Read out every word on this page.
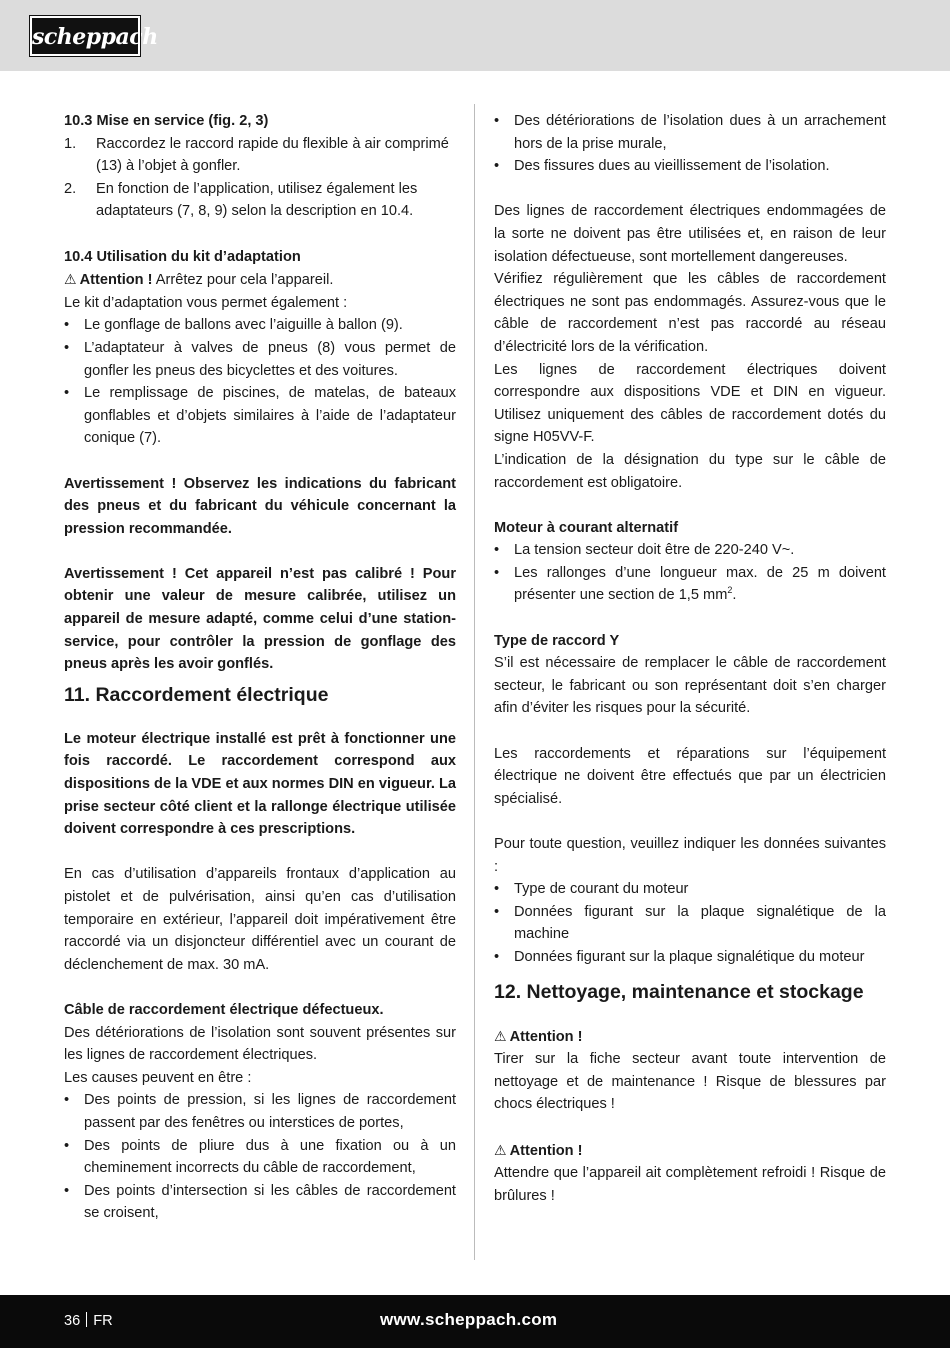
scheppach

10.3 Mise en service (fig. 2, 3)

1.	Raccordez le raccord rapide du flexible à air comprimé (13) à l’objet à gonfler.
2.	En fonction de l’application, utilisez également les adaptateurs (7, 8, 9) selon la description en 10.4.

10.4 Utilisation du kit d’adaptation

⚠ Attention ! Arrêtez pour cela l’appareil.

Le kit d’adaptation vous permet également :

•	Le gonflage de ballons avec l’aiguille à ballon (9).
•	L’adaptateur à valves de pneus (8) vous permet de gonfler les pneus des bicyclettes et des voitures.
•	Le remplissage de piscines, de matelas, de bateaux gonflables et d’objets similaires à l’aide de l’adaptateur conique (7).

Avertissement ! Observez les indications du fabricant des pneus et du fabricant du véhicule concernant la pression recommandée.

Avertissement ! Cet appareil n’est pas calibré ! Pour obtenir une valeur de mesure calibrée, utilisez un appareil de mesure adapté, comme celui d’une station-service, pour contrôler la pression de gonflage des pneus après les avoir gonflés.

11. Raccordement électrique

Le moteur électrique installé est prêt à fonctionner une fois raccordé. Le raccordement correspond aux dispositions de la VDE et aux normes DIN en vigueur. La prise secteur côté client et la rallonge électrique utilisée doivent correspondre à ces prescriptions.

En cas d’utilisation d’appareils frontaux d’application au pistolet et de pulvérisation, ainsi qu’en cas d’utilisation temporaire en extérieur, l’appareil doit impérativement être raccordé via un disjoncteur différentiel avec un courant de déclenchement de max. 30 mA.

Câble de raccordement électrique défectueux.

Des détériorations de l’isolation sont souvent présentes sur les lignes de raccordement électriques.

Les causes peuvent en être :

•	Des points de pression, si les lignes de raccordement passent par des fenêtres ou interstices de portes,
•	Des points de pliure dus à une fixation ou à un cheminement incorrects du câble de raccordement,
•	Des points d’intersection si les câbles de raccordement se croisent,
•	Des détériorations de l’isolation dues à un arrachement hors de la prise murale,
•	Des fissures dues au vieillissement de l’isolation.

Des lignes de raccordement électriques endommagées de la sorte ne doivent pas être utilisées et, en raison de leur isolation défectueuse, sont mortellement dangereuses.

Vérifiez régulièrement que les câbles de raccordement électriques ne sont pas endommagés. Assurez-vous que le câble de raccordement n’est pas raccordé au réseau d’électricité lors de la vérification.

Les lignes de raccordement électriques doivent correspondre aux dispositions VDE et DIN en vigueur. Utilisez uniquement des câbles de raccordement dotés du signe H05VV-F.

L’indication de la désignation du type sur le câble de raccordement est obligatoire.

Moteur à courant alternatif

•	La tension secteur doit être de 220-240 V~.
•	Les rallonges d’une longueur max. de 25 m doivent présenter une section de 1,5 $mm^2$.

Type de raccord Y

S’il est nécessaire de remplacer le câble de raccordement secteur, le fabricant ou son représentant doit s’en charger afin d’éviter les risques pour la sécurité.

Les raccordements et réparations sur l’équipement électrique ne doivent être effectués que par un électricien spécialisé.

Pour toute question, veuillez indiquer les données suivantes :

•	Type de courant du moteur
•	Données figurant sur la plaque signalétique de la machine
•	Données figurant sur la plaque signalétique du moteur

12. Nettoyage, maintenance et stockage

⚠ Attention !

Tirer sur la fiche secteur avant toute intervention de nettoyage et de maintenance ! Risque de blessures par chocs électriques !

⚠ Attention !

Attendre que l’appareil ait complètement refroidi ! Risque de brûlures !

36 FR	www.scheppach.com
